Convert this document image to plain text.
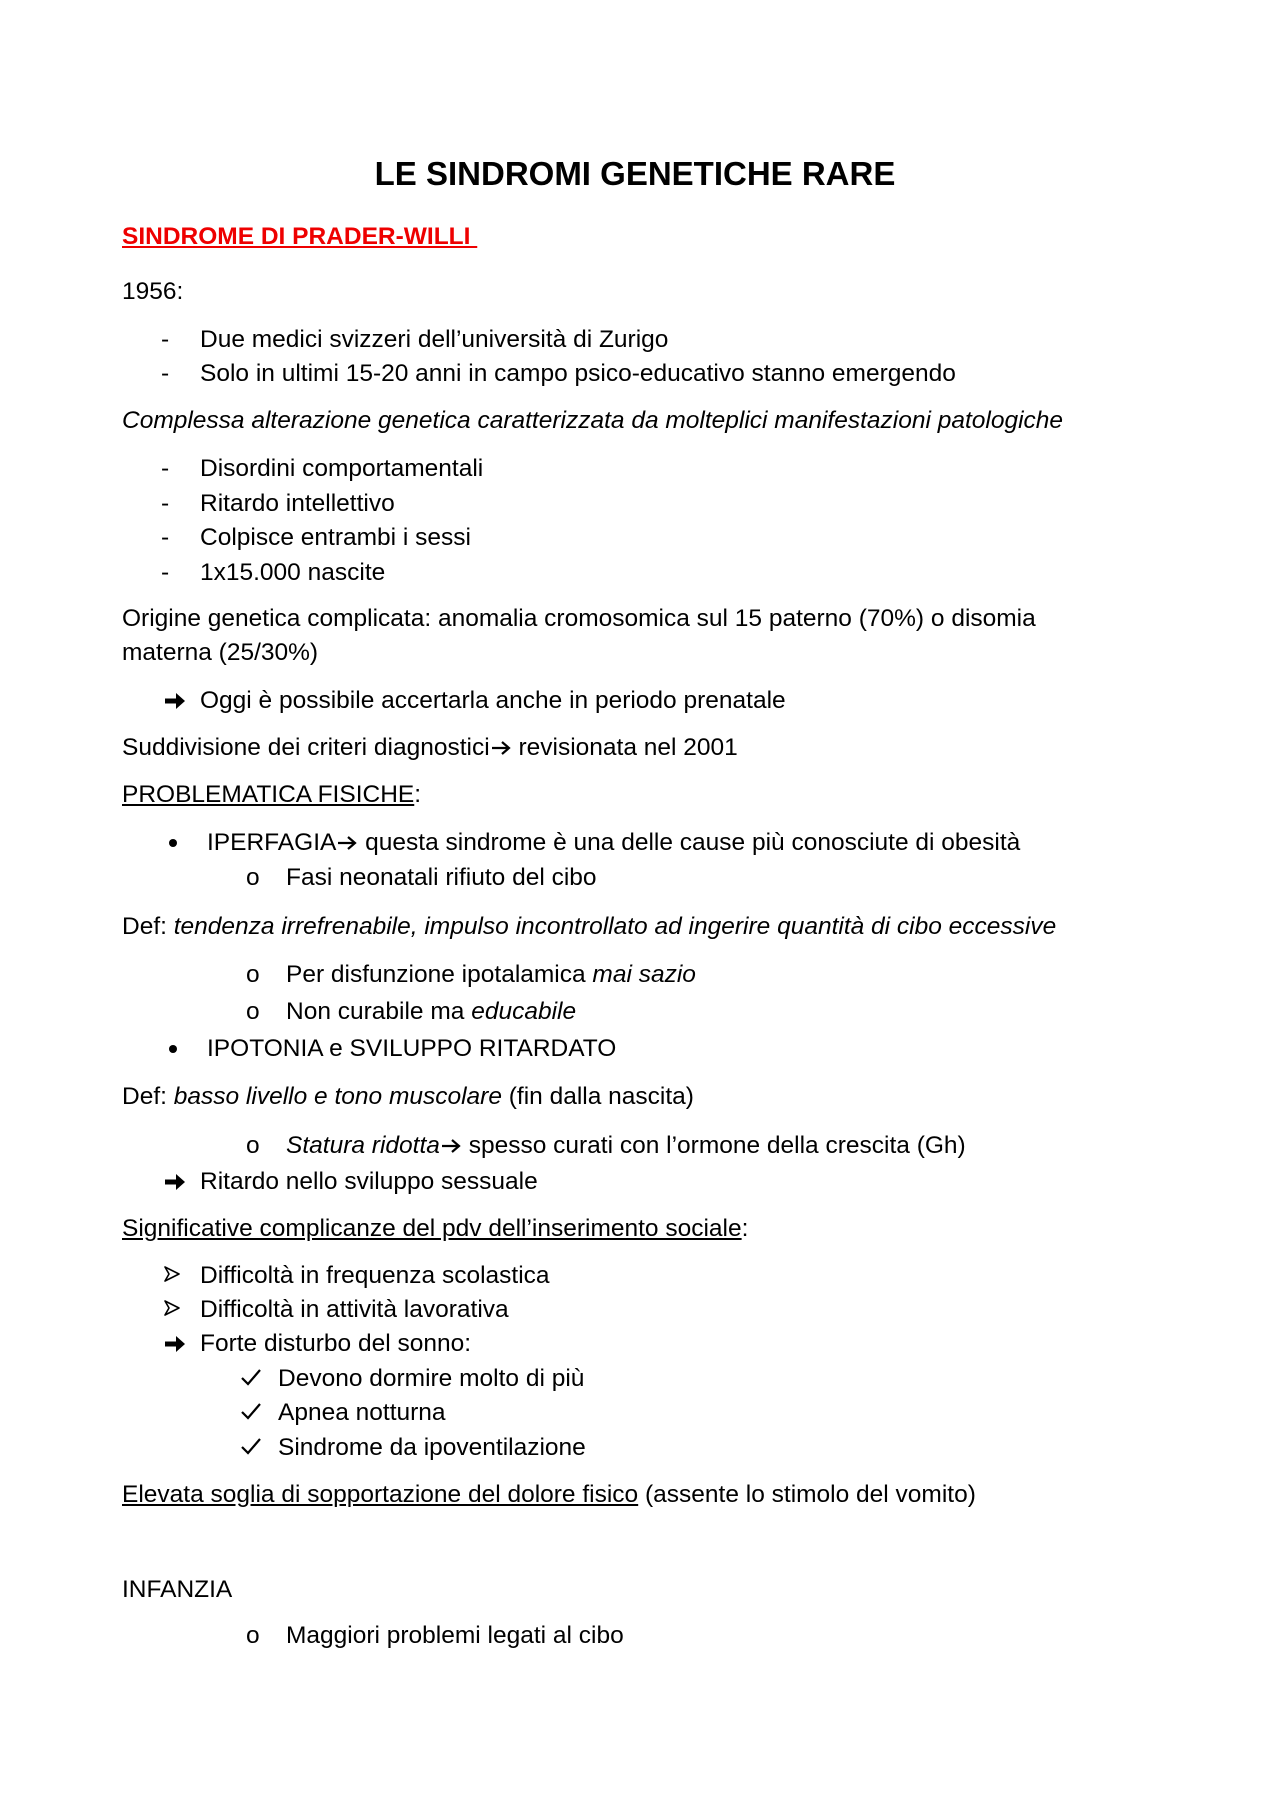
LE SINDROMI GENETICHE RARE
SINDROME DI PRADER-WILLI
1956:
- Due medici svizzeri dell’università di Zurigo
- Solo in ultimi 15-20 anni in campo psico-educativo stanno emergendo
Complessa alterazione genetica caratterizzata da molteplici manifestazioni patologiche
- Disordini comportamentali
- Ritardo intellettivo
- Colpisce entrambi i sessi
- 1x15.000 nascite
Origine genetica complicata: anomalia cromosomica sul 15 paterno (70%) o disomia
materna (25/30%)
Oggi è possibile accertarla anche in periodo prenatale
Suddivisione dei criteri diagnostici revisionata nel 2001
PROBLEMATICA FISICHE:
IPERFAGIA questa sindrome è una delle cause più conosciute di obesità
o Fasi neonatali rifiuto del cibo
Def: tendenza irrefrenabile, impulso incontrollato ad ingerire quantità di cibo eccessive
o Per disfunzione ipotalamica mai sazio
o Non curabile ma educabile
IPOTONIA e SVILUPPO RITARDATO
Def: basso livello e tono muscolare (fin dalla nascita)
o Statura ridotta spesso curati con l’ormone della crescita (Gh)
Ritardo nello sviluppo sessuale
Significative complicanze del pdv dell’inserimento sociale:
Difficoltà in frequenza scolastica
Difficoltà in attività lavorativa
Forte disturbo del sonno:
Devono dormire molto di più
Apnea notturna
Sindrome da ipoventilazione
Elevata soglia di sopportazione del dolore fisico (assente lo stimolo del vomito)
INFANZIA
o Maggiori problemi legati al cibo
